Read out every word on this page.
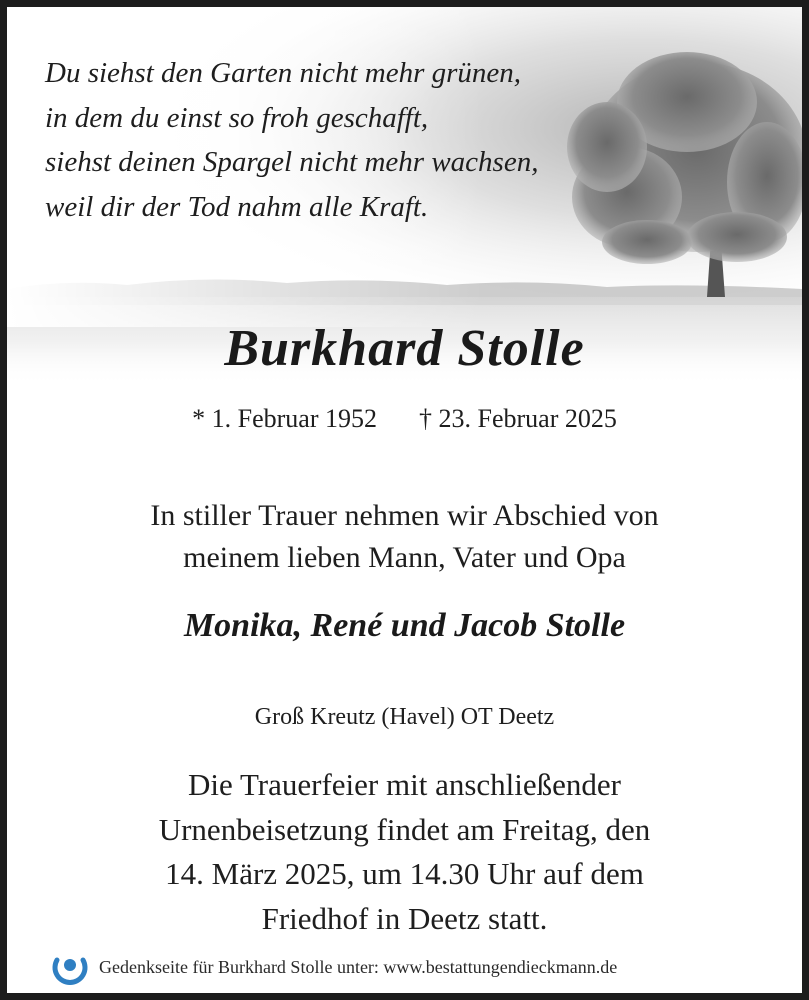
Du siehst den Garten nicht mehr grünen,
in dem du einst so froh geschafft,
siehst deinen Spargel nicht mehr wachsen,
weil dir der Tod nahm alle Kraft.
Burkhard Stolle
* 1. Februar 1952 † 23. Februar 2025
In stiller Trauer nehmen wir Abschied von
meinem lieben Mann, Vater und Opa
Monika, René und Jacob Stolle
Groß Kreutz (Havel) OT Deetz
Die Trauerfeier mit anschließender
Urnenbeisetzung findet am Freitag, den
14. März 2025, um 14.30 Uhr auf dem
Friedhof in Deetz statt.
Gedenkseite für Burkhard Stolle unter: www.bestattungendieckmann.de
